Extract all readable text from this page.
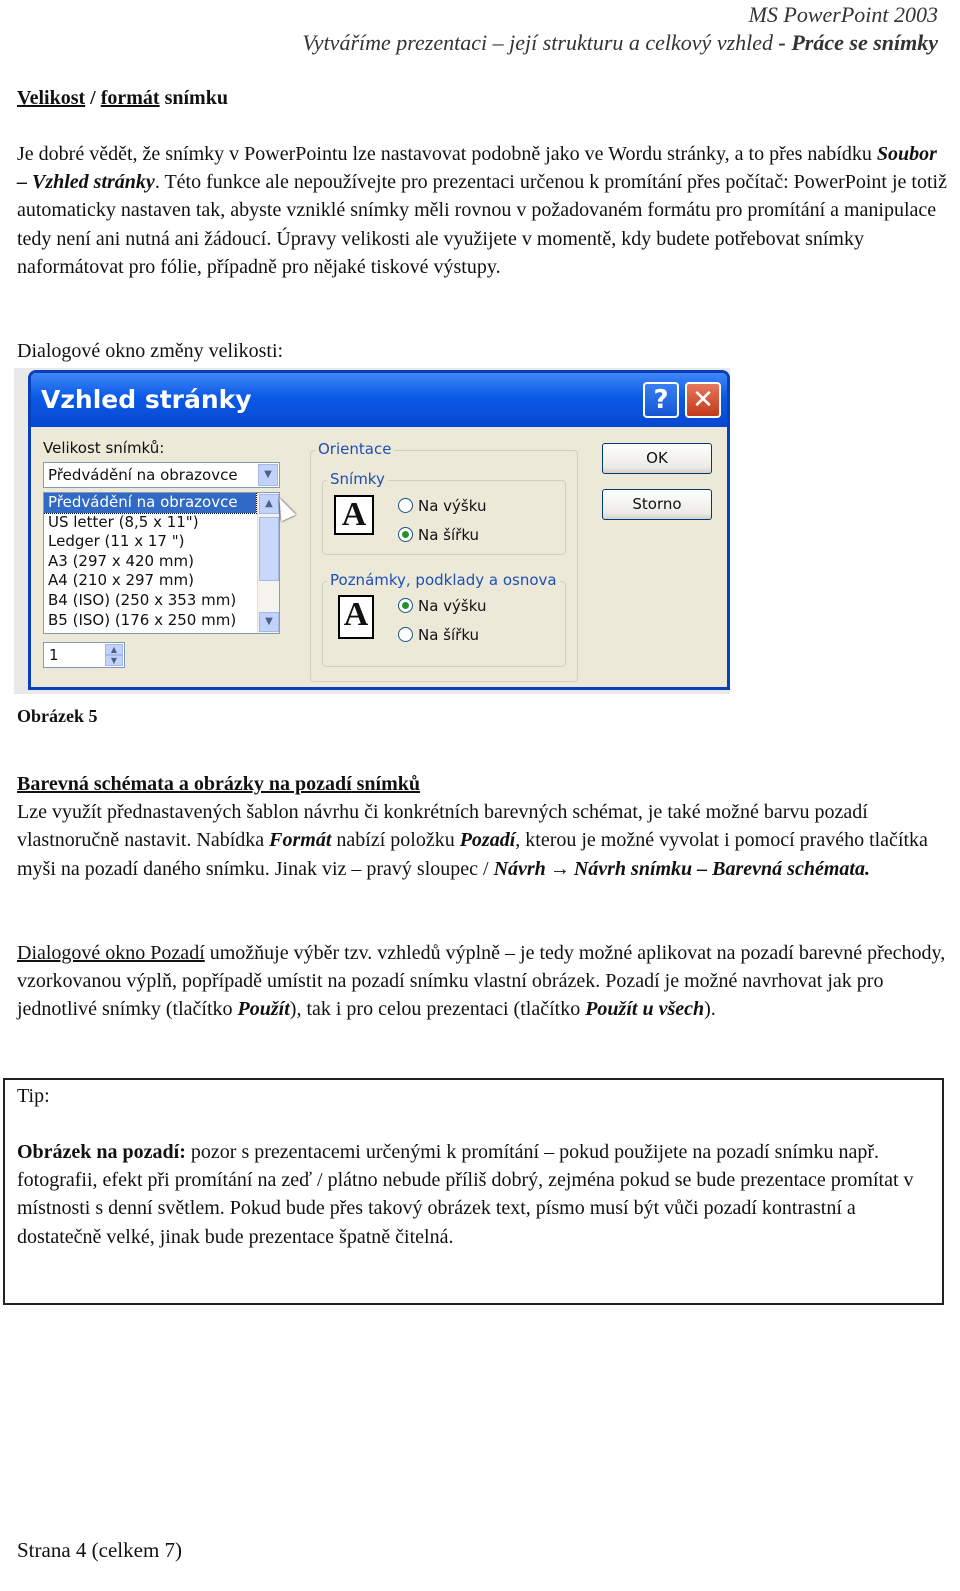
MS PowerPoint 2003
Vytváříme prezentaci – její strukturu a celkový vzhled - Práce se snímky
Velikost / formát snímku
Je dobré vědět, že snímky v PowerPointu lze nastavovat podobně jako ve Wordu stránky, a to přes nabídku Soubor – Vzhled stránky. Této funkce ale nepoužívejte pro prezentaci určenou k promítání přes počítač: PowerPoint je totiž automaticky nastaven tak, abyste vzniklé snímky měli rovnou v požadovaném formátu pro promítání a manipulace tedy není ani nutná ani žádoucí. Úpravy velikosti ale využijete v momentě, kdy budete potřebovat snímky naformátovat pro fólie, případně pro nějaké tiskové výstupy.
Dialogové okno změny velikosti:
Vzhled stránky	? ✕
Velikost snímků:
Předvádění na obrazovce	▼
Předvádění na obrazovce
US letter (8,5 x 11")
Ledger (11 x 17 ")
A3 (297 x 420 mm)
A4 (210 x 297 mm)
B4 (ISO) (250 x 353 mm)
B5 (ISO) (176 x 250 mm)
▲
▼
1	▲
▼
Orientace
Snímky
A	Na výšku
Na šířku
Poznámky, podklady a osnova
A	Na výšku
Na šířku
OK
Storno
Obrázek 5
Barevná schémata a obrázky na pozadí snímků
Lze využít přednastavených šablon návrhu či konkrétních barevných schémat, je také možné barvu pozadí vlastnoručně nastavit. Nabídka Formát nabízí položku Pozadí, kterou je možné vyvolat i pomocí pravého tlačítka myši na pozadí daného snímku. Jinak viz – pravý sloupec / Návrh → Návrh snímku – Barevná schémata.
Dialogové okno Pozadí umožňuje výběr tzv. vzhledů výplně – je tedy možné aplikovat na pozadí barevné přechody, vzorkovanou výplň, popřípadě umístit na pozadí snímku vlastní obrázek. Pozadí je možné navrhovat jak pro jednotlivé snímky (tlačítko Použít), tak i pro celou prezentaci (tlačítko Použít u všech).
Tip:
Obrázek na pozadí: pozor s prezentacemi určenými k promítání – pokud použijete na pozadí snímku např. fotografii, efekt při promítání na zeď / plátno nebude příliš dobrý, zejména pokud se bude prezentace promítat v místnosti s denní světlem. Pokud bude přes takový obrázek text, písmo musí být vůči pozadí kontrastní a dostatečně velké, jinak bude prezentace špatně čitelná.
Strana 4 (celkem 7)
